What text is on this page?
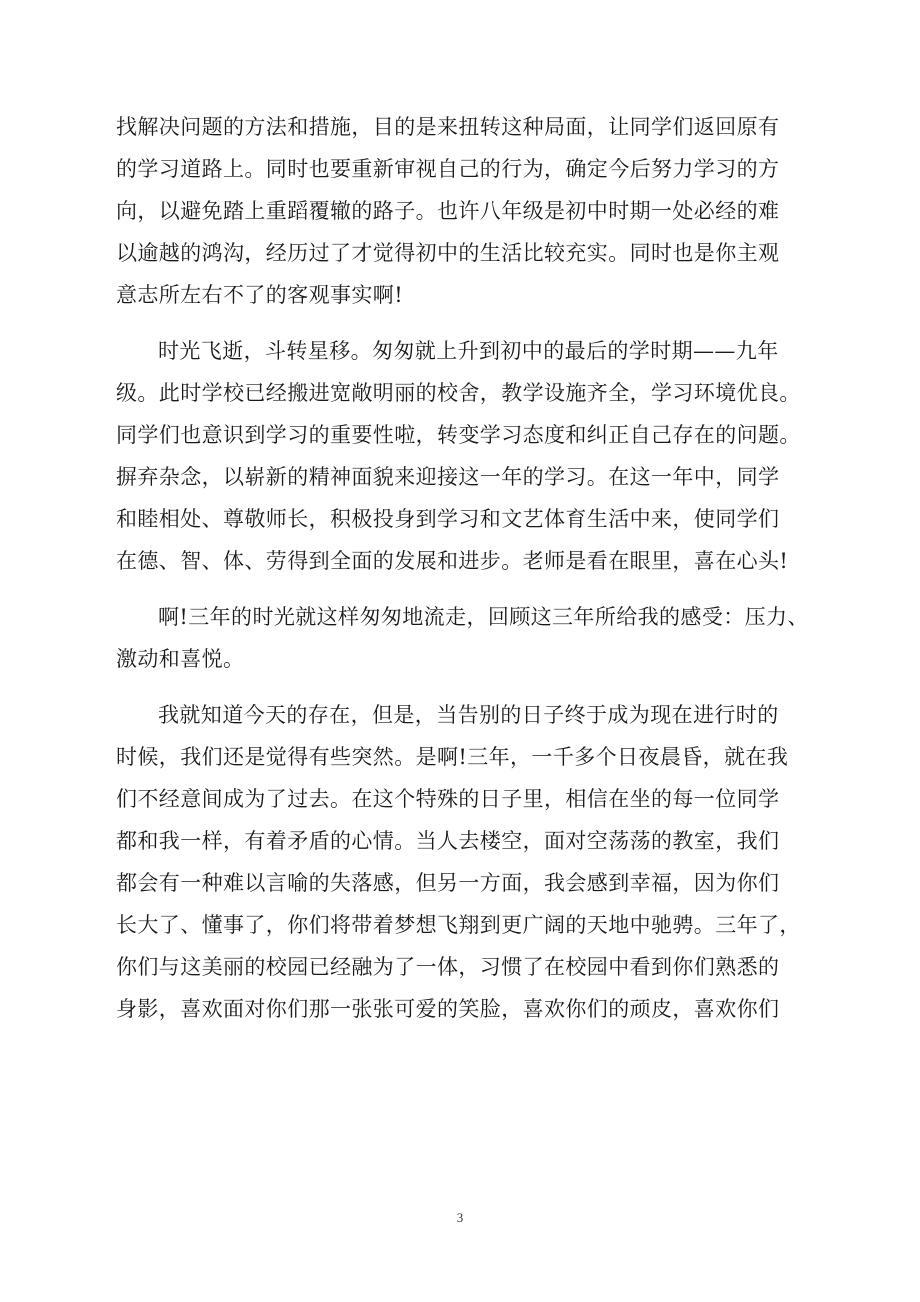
找解决问题的方法和措施，目的是来扭转这种局面，让同学们返回原有
的学习道路上。同时也要重新审视自己的行为，确定今后努力学习的方
向，以避免踏上重蹈覆辙的路子。也许八年级是初中时期一处必经的难
以逾越的鸿沟，经历过了才觉得初中的生活比较充实。同时也是你主观
意志所左右不了的客观事实啊!
时光飞逝，斗转星移。匆匆就上升到初中的最后的学时期——九年
级。此时学校已经搬进宽敞明丽的校舍，教学设施齐全，学习环境优良。
同学们也意识到学习的重要性啦，转变学习态度和纠正自己存在的问题。
摒弃杂念，以崭新的精神面貌来迎接这一年的学习。在这一年中，同学
和睦相处、尊敬师长，积极投身到学习和文艺体育生活中来，使同学们
在德、智、体、劳得到全面的发展和进步。老师是看在眼里，喜在心头!
啊!三年的时光就这样匆匆地流走，回顾这三年所给我的感受：压力、
激动和喜悦。
我就知道今天的存在，但是，当告别的日子终于成为现在进行时的
时候，我们还是觉得有些突然。是啊!三年，一千多个日夜晨昏，就在我
们不经意间成为了过去。在这个特殊的日子里，相信在坐的每一位同学
都和我一样，有着矛盾的心情。当人去楼空，面对空荡荡的教室，我们
都会有一种难以言喻的失落感，但另一方面，我会感到幸福，因为你们
长大了、懂事了，你们将带着梦想飞翔到更广阔的天地中驰骋。三年了，
你们与这美丽的校园已经融为了一体，习惯了在校园中看到你们熟悉的
身影，喜欢面对你们那一张张可爱的笑脸，喜欢你们的顽皮，喜欢你们
3
